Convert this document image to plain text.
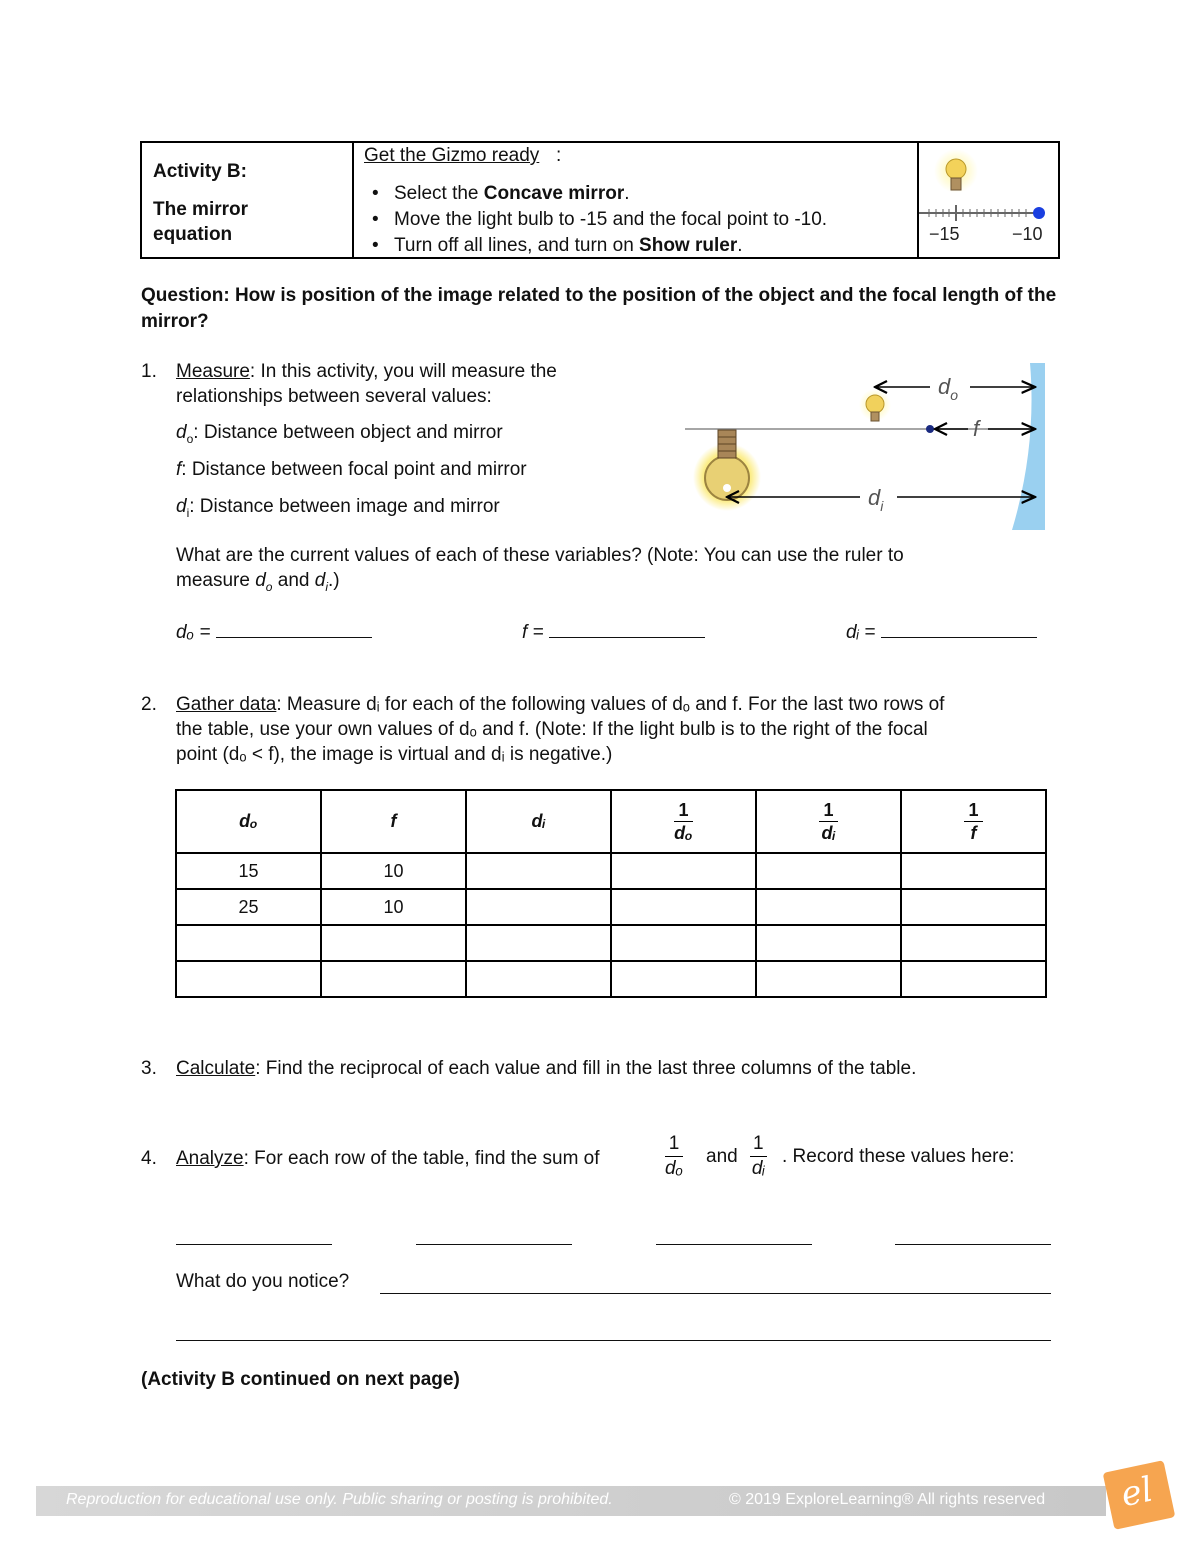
Activity B:
The mirror
equation
Get the Gizmo ready :
• Select the Concave mirror.
• Move the light bulb to -15 and the focal point to -10.
• Turn off all lines, and turn on Show ruler.
−15	−10
Question: How is position of the image related to the position of the object and the focal length of the mirror?
1. Measure: In this activity, you will measure the
relationships between several values:
$d_o$: Distance between object and mirror
f: Distance between focal point and mirror
$d_i$: Distance between image and mirror
$d_o$
f
$d_i$
What are the current values of each of these variables? (Note: You can use the ruler to
measure $d_o$ and $d_i$.)
dₒ =	f =	dᵢ =
2. Gather data: Measure dᵢ for each of the following values of dₒ and f. For the last two rows of
the table, use your own values of dₒ and f. (Note: If the light bulb is to the right of the focal
point (dₒ < f), the image is virtual and dᵢ is negative.)
dₒ	f	dᵢ	$\frac{1}{\text{dₒ}}$	$\frac{1}{\text{dᵢ}}$	$\frac{1}{f}$

15	10				
25	10				

3. Calculate: Find the reciprocal of each value and fill in the last three columns of the table.
4. Analyze: For each row of the table, find the sum of	$\frac{1}{\text{dₒ}}$ and $\frac{1}{\text{dᵢ}}$ . Record these values here:
What do you notice?
(Activity B continued on next page)
Reproduction for educational use only. Public sharing or posting is prohibited.	© 2019 ExploreLearning® All rights reserved el
